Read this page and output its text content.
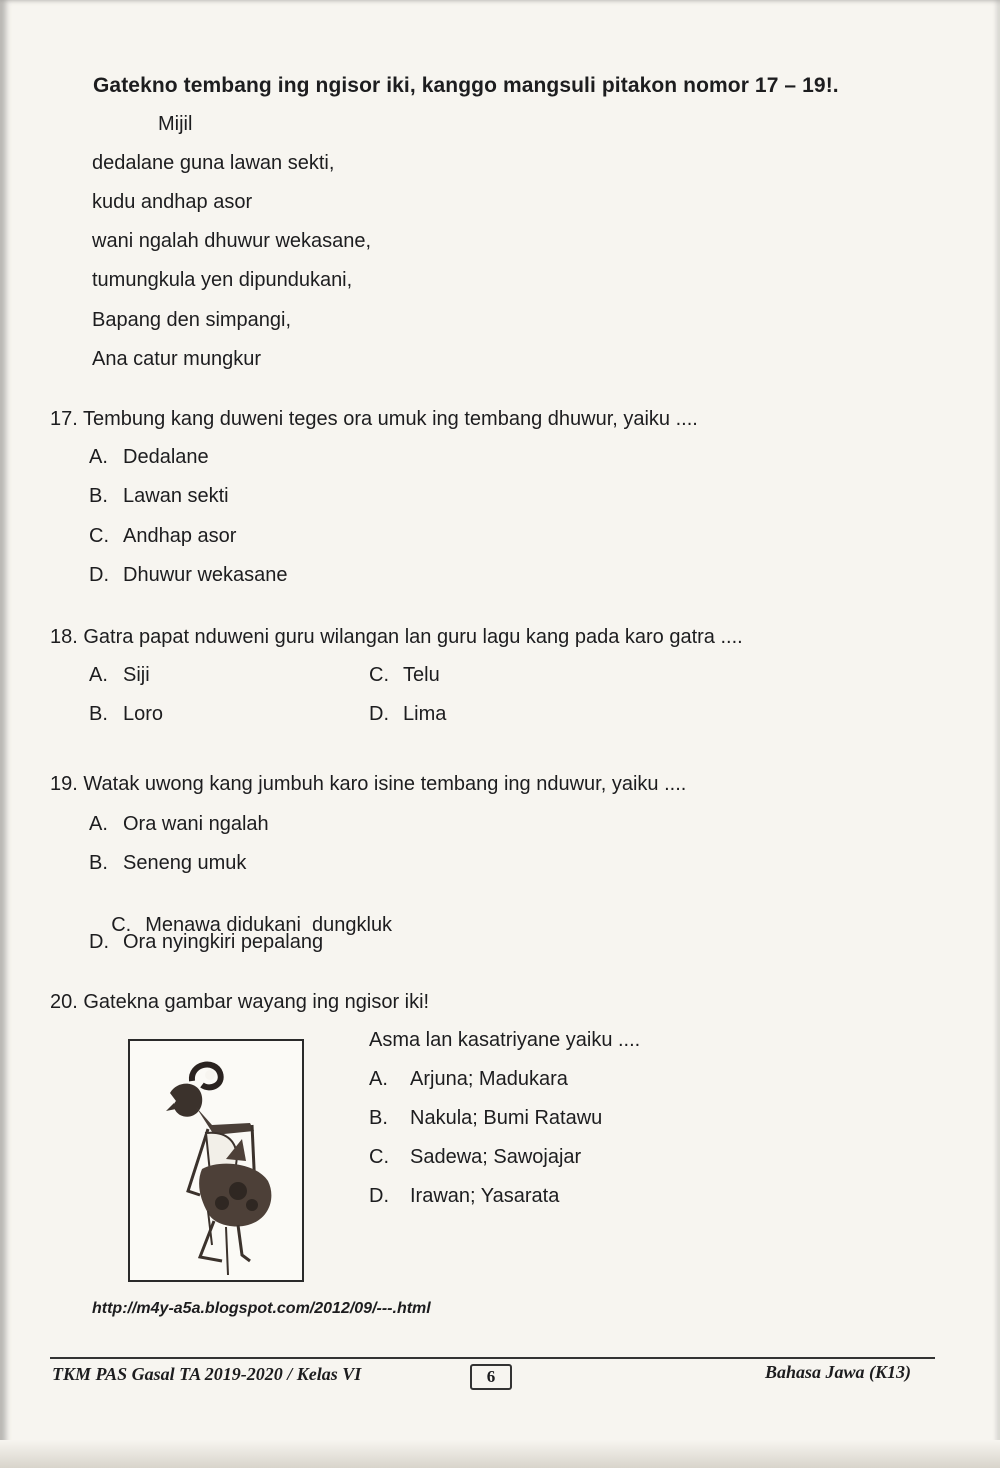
Gatekno tembang ing ngisor iki, kanggo mangsuli pitakon nomor 17 – 19!.
Mijil
dedalane guna lawan sekti,
kudu andhap asor
wani ngalah dhuwur wekasane,
tumungkula yen dipundukani,
Bapang den simpangi,
Ana catur mungkur
17. Tembung kang duweni teges ora umuk ing tembang dhuwur, yaiku ....
A. Dedalane
B. Lawan sekti
C. Andhap asor
D. Dhuwur wekasane
18. Gatra papat nduweni guru wilangan lan guru lagu kang pada karo gatra ....
A. Siji
B. Loro
C. Telu
D. Lima
19. Watak uwong kang jumbuh karo isine tembang ing nduwur, yaiku ....
A. Ora wani ngalah
B. Seneng umuk

C. Menawa didukani  dungkluk

D. Ora nyingkiri pepalang
20. Gatekna gambar wayang ing ngisor iki!
Asma lan kasatriyane yaiku ....
A. Arjuna; Madukara
B. Nakula; Bumi Ratawu
C. Sadewa; Sawojajar
D. Irawan; Yasarata
http://m4y-a5a.blogspot.com/2012/09/---.html
TKM PAS Gasal TA 2019-2020 / Kelas VI	6	Bahasa Jawa (K13)
